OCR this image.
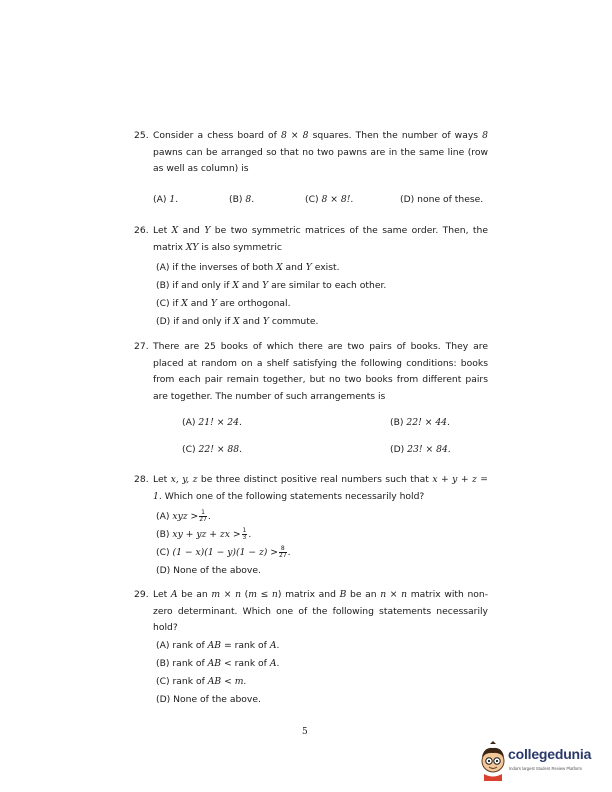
25. Consider a chess board of 8 × 8 squares. Then the number of ways 8 pawns can be arranged so that no two pawns are in the same line (row as well as column) is
(A) 1.	(B) 8.	(C) 8 × 8!.	(D) none of these.
26. Let X and Y be two symmetric matrices of the same order. Then, the matrix XY is also symmetric
(A) if the inverses of both X and Y exist.
(B) if and only if X and Y are similar to each other.
(C) if X and Y are orthogonal.
(D) if and only if X and Y commute.
27. There are 25 books of which there are two pairs of books. They are placed at random on a shelf satisfying the following conditions: books from each pair remain together, but no two books from different pairs are together. The number of such arrangements is
(A) 21! × 24.	(B) 22! × 44.
(C) 22! × 88.	(D) 23! × 84.
28. Let x, y, z be three distinct positive real numbers such that x + y + z = 1. Which one of the following statements necessarily hold?
(A) xyz > $\frac{1}{27}$ .
(B) xy + yz + zx > $\frac{1}{3}$ .
(C) $(1 - x)(1 - y)(1 - z) > \frac{8}{27}$ .
(D) None of the above.
29. Let A be an m × n (m ≤ n) matrix and B be an n × n matrix with non-zero determinant. Which one of the following statements necessarily hold?
(A) rank of AB = rank of A.
(B) rank of AB < rank of A.
(C) rank of AB < m.
(D) None of the above.
5
collegedunia
India's largest Student Review Platform
